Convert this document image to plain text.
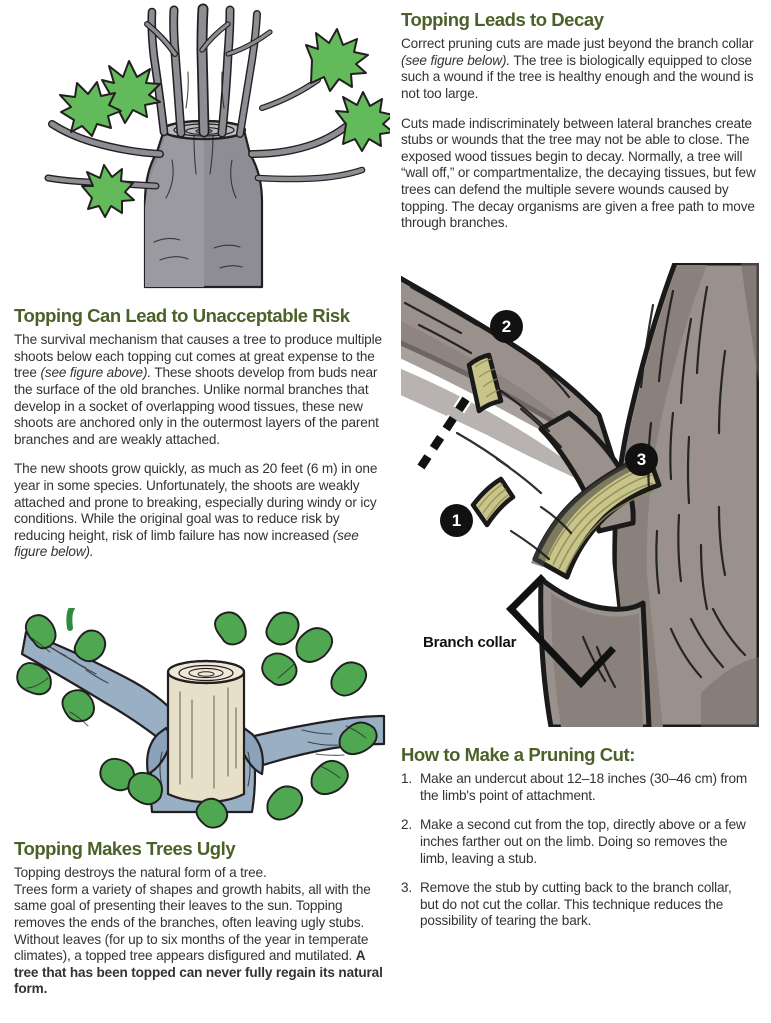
Topping Can Lead to Unacceptable Risk

The survival mechanism that causes a tree to produce multiple shoots below each topping cut comes at great expense to the tree (see figure above). These shoots develop from buds near the surface of the old branches. Unlike normal branches that develop in a socket of overlapping wood tissues, these new shoots are anchored only in the outermost layers of the parent branches and are weakly attached.

The new shoots grow quickly, as much as 20 feet (6 m) in one year in some species. Unfortunately, the shoots are weakly attached and prone to breaking, especially during windy or icy conditions. While the original goal was to reduce risk by reducing height, risk of limb failure has now increased (see figure below).

Topping Makes Trees Ugly

Topping destroys the natural form of a tree.

Trees form a variety of shapes and growth habits, all with the same goal of presenting their leaves to the sun. Topping removes the ends of the branches, often leaving ugly stubs. Without leaves (for up to six months of the year in temperate climates), a topped tree appears disfigured and mutilated. A tree that has been topped can never fully regain its natural form.

Topping Leads to Decay

Correct pruning cuts are made just beyond the branch collar (see figure below). The tree is biologically equipped to close such a wound if the tree is healthy enough and the wound is not too large.

Cuts made indiscriminately between lateral branches create stubs or wounds that the tree may not be able to close. The exposed wood tissues begin to decay. Normally, a tree will “wall off,” or compartmentalize, the decaying tissues, but few trees can defend the multiple severe wounds caused by topping. The decay organisms are given a free path to move through branches.

2
3
1
Branch collar
How to Make a Pruning Cut:
1. Make an undercut about 12–18 inches (30–46 cm) from the limb's point of attachment.
2. Make a second cut from the top, directly above or a few inches farther out on the limb. Doing so removes the limb, leaving a stub.
3. Remove the stub by cutting back to the branch collar, but do not cut the collar. This technique reduces the possibility of tearing the bark.
